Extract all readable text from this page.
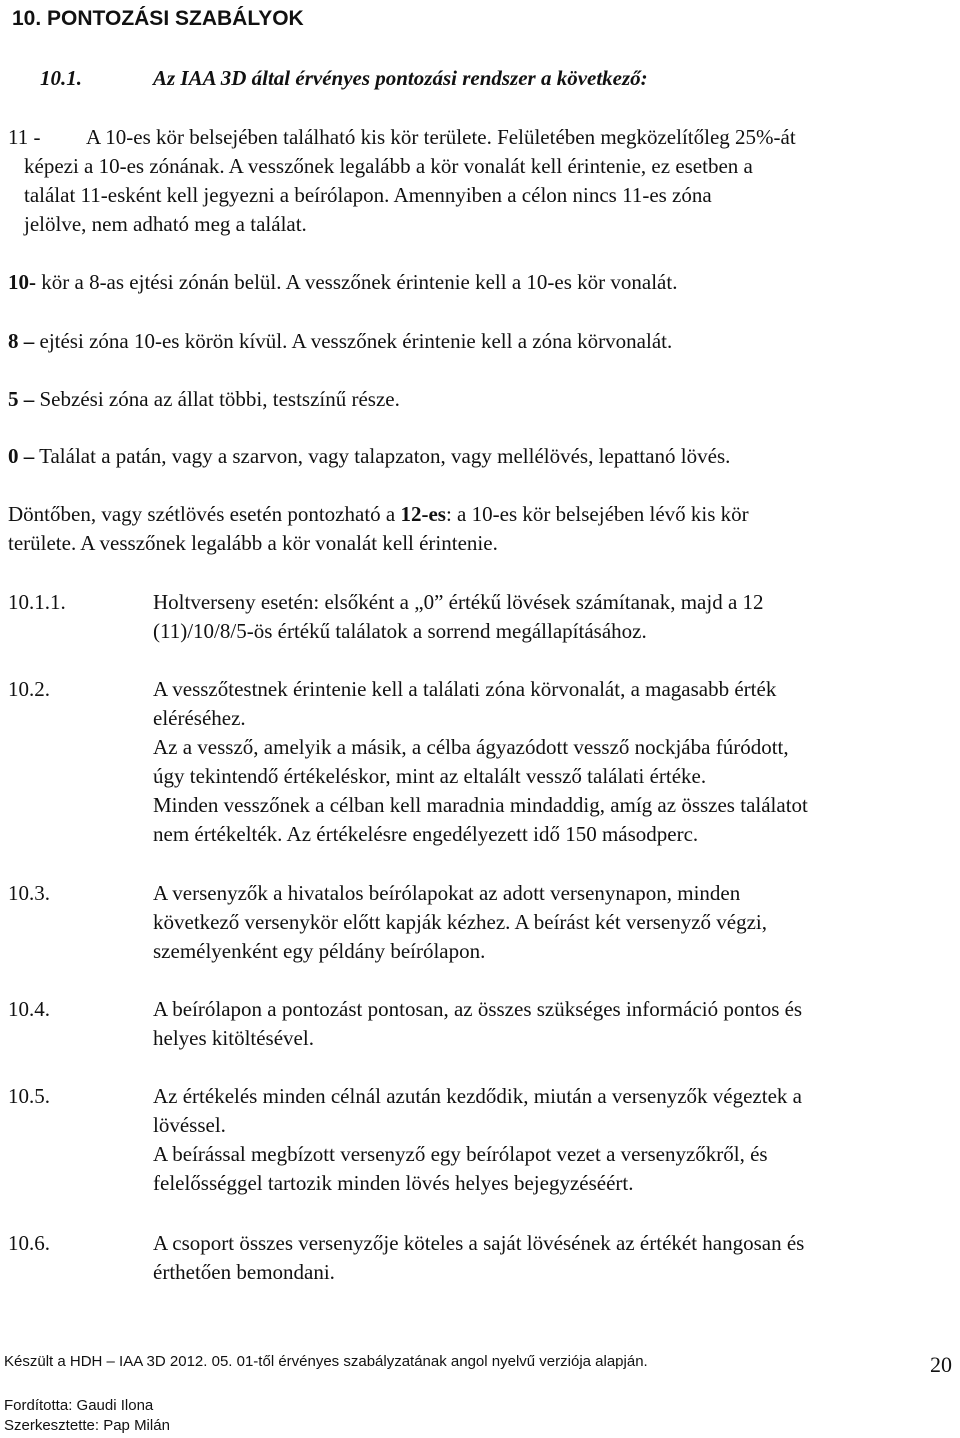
10. PONTOZÁSI SZABÁLYOK
10.1.	Az IAA 3D által érvényes pontozási rendszer a következő:
11 - A 10-es kör belsejében található kis kör területe. Felületében megközelítőleg 25%-át
képezi a 10-es zónának. A vesszőnek legalább a kör vonalát kell érintenie, ez esetben a
találat 11-esként kell jegyezni a beírólapon. Amennyiben a célon nincs 11-es zóna
jelölve, nem adható meg a találat.
10- kör a 8-as ejtési zónán belül. A vesszőnek érintenie kell a 10-es kör vonalát.
8 – ejtési zóna 10-es körön kívül. A vesszőnek érintenie kell a zóna körvonalát.
5 – Sebzési zóna az állat többi, testszínű része.
0 – Találat a patán, vagy a szarvon, vagy talapzaton, vagy mellélövés, lepattanó lövés.
Döntőben, vagy szétlövés esetén pontozható a 12-es: a 10-es kör belsejében lévő kis kör
területe. A vesszőnek legalább a kör vonalát kell érintenie.
10.1.1.	Holtverseny esetén: elsőként a „0” értékű lövések számítanak, majd a 12
(11)/10/8/5-ös értékű találatok a sorrend megállapításához.
10.2.	A vesszőtestnek érintenie kell a találati zóna körvonalát, a magasabb érték
eléréséhez.
Az a vessző, amelyik a másik, a célba ágyazódott vessző nockjába fúródott,
úgy tekintendő értékeléskor, mint az eltalált vessző találati értéke.
Minden vesszőnek a célban kell maradnia mindaddig, amíg az összes találatot
nem értékelték. Az értékelésre engedélyezett idő 150 másodperc.
10.3.	A versenyzők a hivatalos beírólapokat az adott versenynapon, minden
következő versenykör előtt kapják kézhez. A beírást két versenyző végzi,
személyenként egy példány beírólapon.
10.4.	A beírólapon a pontozást pontosan, az összes szükséges információ pontos és
helyes kitöltésével.
10.5.	Az értékelés minden célnál azután kezdődik, miután a versenyzők végeztek a
lövéssel.
A beírással megbízott versenyző egy beírólapot vezet a versenyzőkről, és
felelősséggel tartozik minden lövés helyes bejegyzéséért.
10.6.	A csoport összes versenyzője köteles a saját lövésének az értékét hangosan és
érthetően bemondani.
Készült a HDH – IAA 3D 2012. 05. 01-től érvényes szabályzatának angol nyelvű verziója alapján.	20
Fordította: Gaudi Ilona
Szerkesztette: Pap Milán
